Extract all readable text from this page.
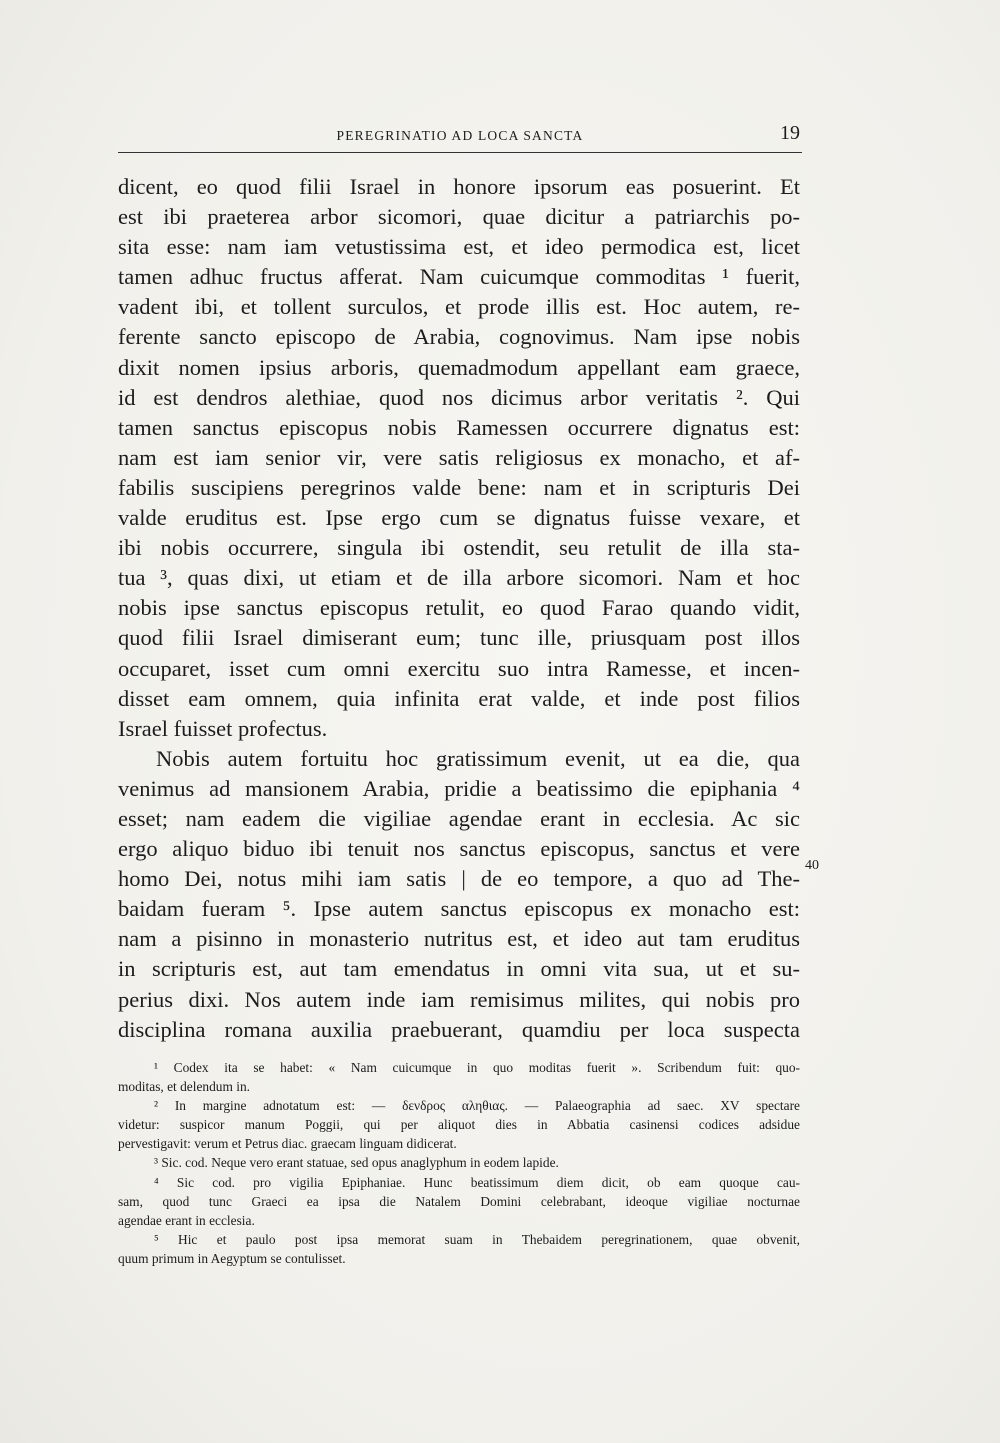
PEREGRINATIO AD LOCA SANCTA	19
dicent, eo quod filii Israel in honore ipsorum eas posuerint. Et
est ibi praeterea arbor sicomori, quae dicitur a patriarchis po-
sita esse: nam iam vetustissima est, et ideo permodica est, licet
tamen adhuc fructus afferat. Nam cuicumque commoditas ¹ fuerit,
vadent ibi, et tollent surculos, et prode illis est. Hoc autem, re-
ferente sancto episcopo de Arabia, cognovimus. Nam ipse nobis
dixit nomen ipsius arboris, quemadmodum appellant eam graece,
id est dendros alethiae, quod nos dicimus arbor veritatis ². Qui
tamen sanctus episcopus nobis Ramessen occurrere dignatus est:
nam est iam senior vir, vere satis religiosus ex monacho, et af-
fabilis suscipiens peregrinos valde bene: nam et in scripturis Dei
valde eruditus est. Ipse ergo cum se dignatus fuisse vexare, et
ibi nobis occurrere, singula ibi ostendit, seu retulit de illa sta-
tua ³, quas dixi, ut etiam et de illa arbore sicomori. Nam et hoc
nobis ipse sanctus episcopus retulit, eo quod Farao quando vidit,
quod filii Israel dimiserant eum; tunc ille, priusquam post illos
occuparet, isset cum omni exercitu suo intra Ramesse, et incen-
disset eam omnem, quia infinita erat valde, et inde post filios
Israel fuisset profectus.
Nobis autem fortuitu hoc gratissimum evenit, ut ea die, qua
venimus ad mansionem Arabia, pridie a beatissimo die epiphania ⁴
esset; nam eadem die vigiliae agendae erant in ecclesia. Ac sic
ergo aliquo biduo ibi tenuit nos sanctus episcopus, sanctus et vere
homo Dei, notus mihi iam satis | de eo tempore, a quo ad The-
baidam fueram ⁵. Ipse autem sanctus episcopus ex monacho est:
nam a pisinno in monasterio nutritus est, et ideo aut tam eruditus
in scripturis est, aut tam emendatus in omni vita sua, ut et su-
perius dixi. Nos autem inde iam remisimus milites, qui nobis pro
disciplina romana auxilia praebuerant, quamdiu per loca suspecta
40
¹ Codex ita se habet: « Nam cuicumque in quo moditas fuerit ». Scribendum fuit: quo-
moditas, et delendum in.
² In margine adnotatum est: — δενδρος αληθιας. — Palaeographia ad saec. XV spectare
videtur: suspicor manum Poggii, qui per aliquot dies in Abbatia casinensi codices adsidue
pervestigavit: verum et Petrus diac. graecam linguam didicerat.
³ Sic. cod. Neque vero erant statuae, sed opus anaglyphum in eodem lapide.
⁴ Sic cod. pro vigilia Epiphaniae. Hunc beatissimum diem dicit, ob eam quoque cau-
sam, quod tunc Graeci ea ipsa die Natalem Domini celebrabant, ideoque vigiliae nocturnae
agendae erant in ecclesia.
⁵ Hic et paulo post ipsa memorat suam in Thebaidem peregrinationem, quae obvenit,
quum primum in Aegyptum se contulisset.
